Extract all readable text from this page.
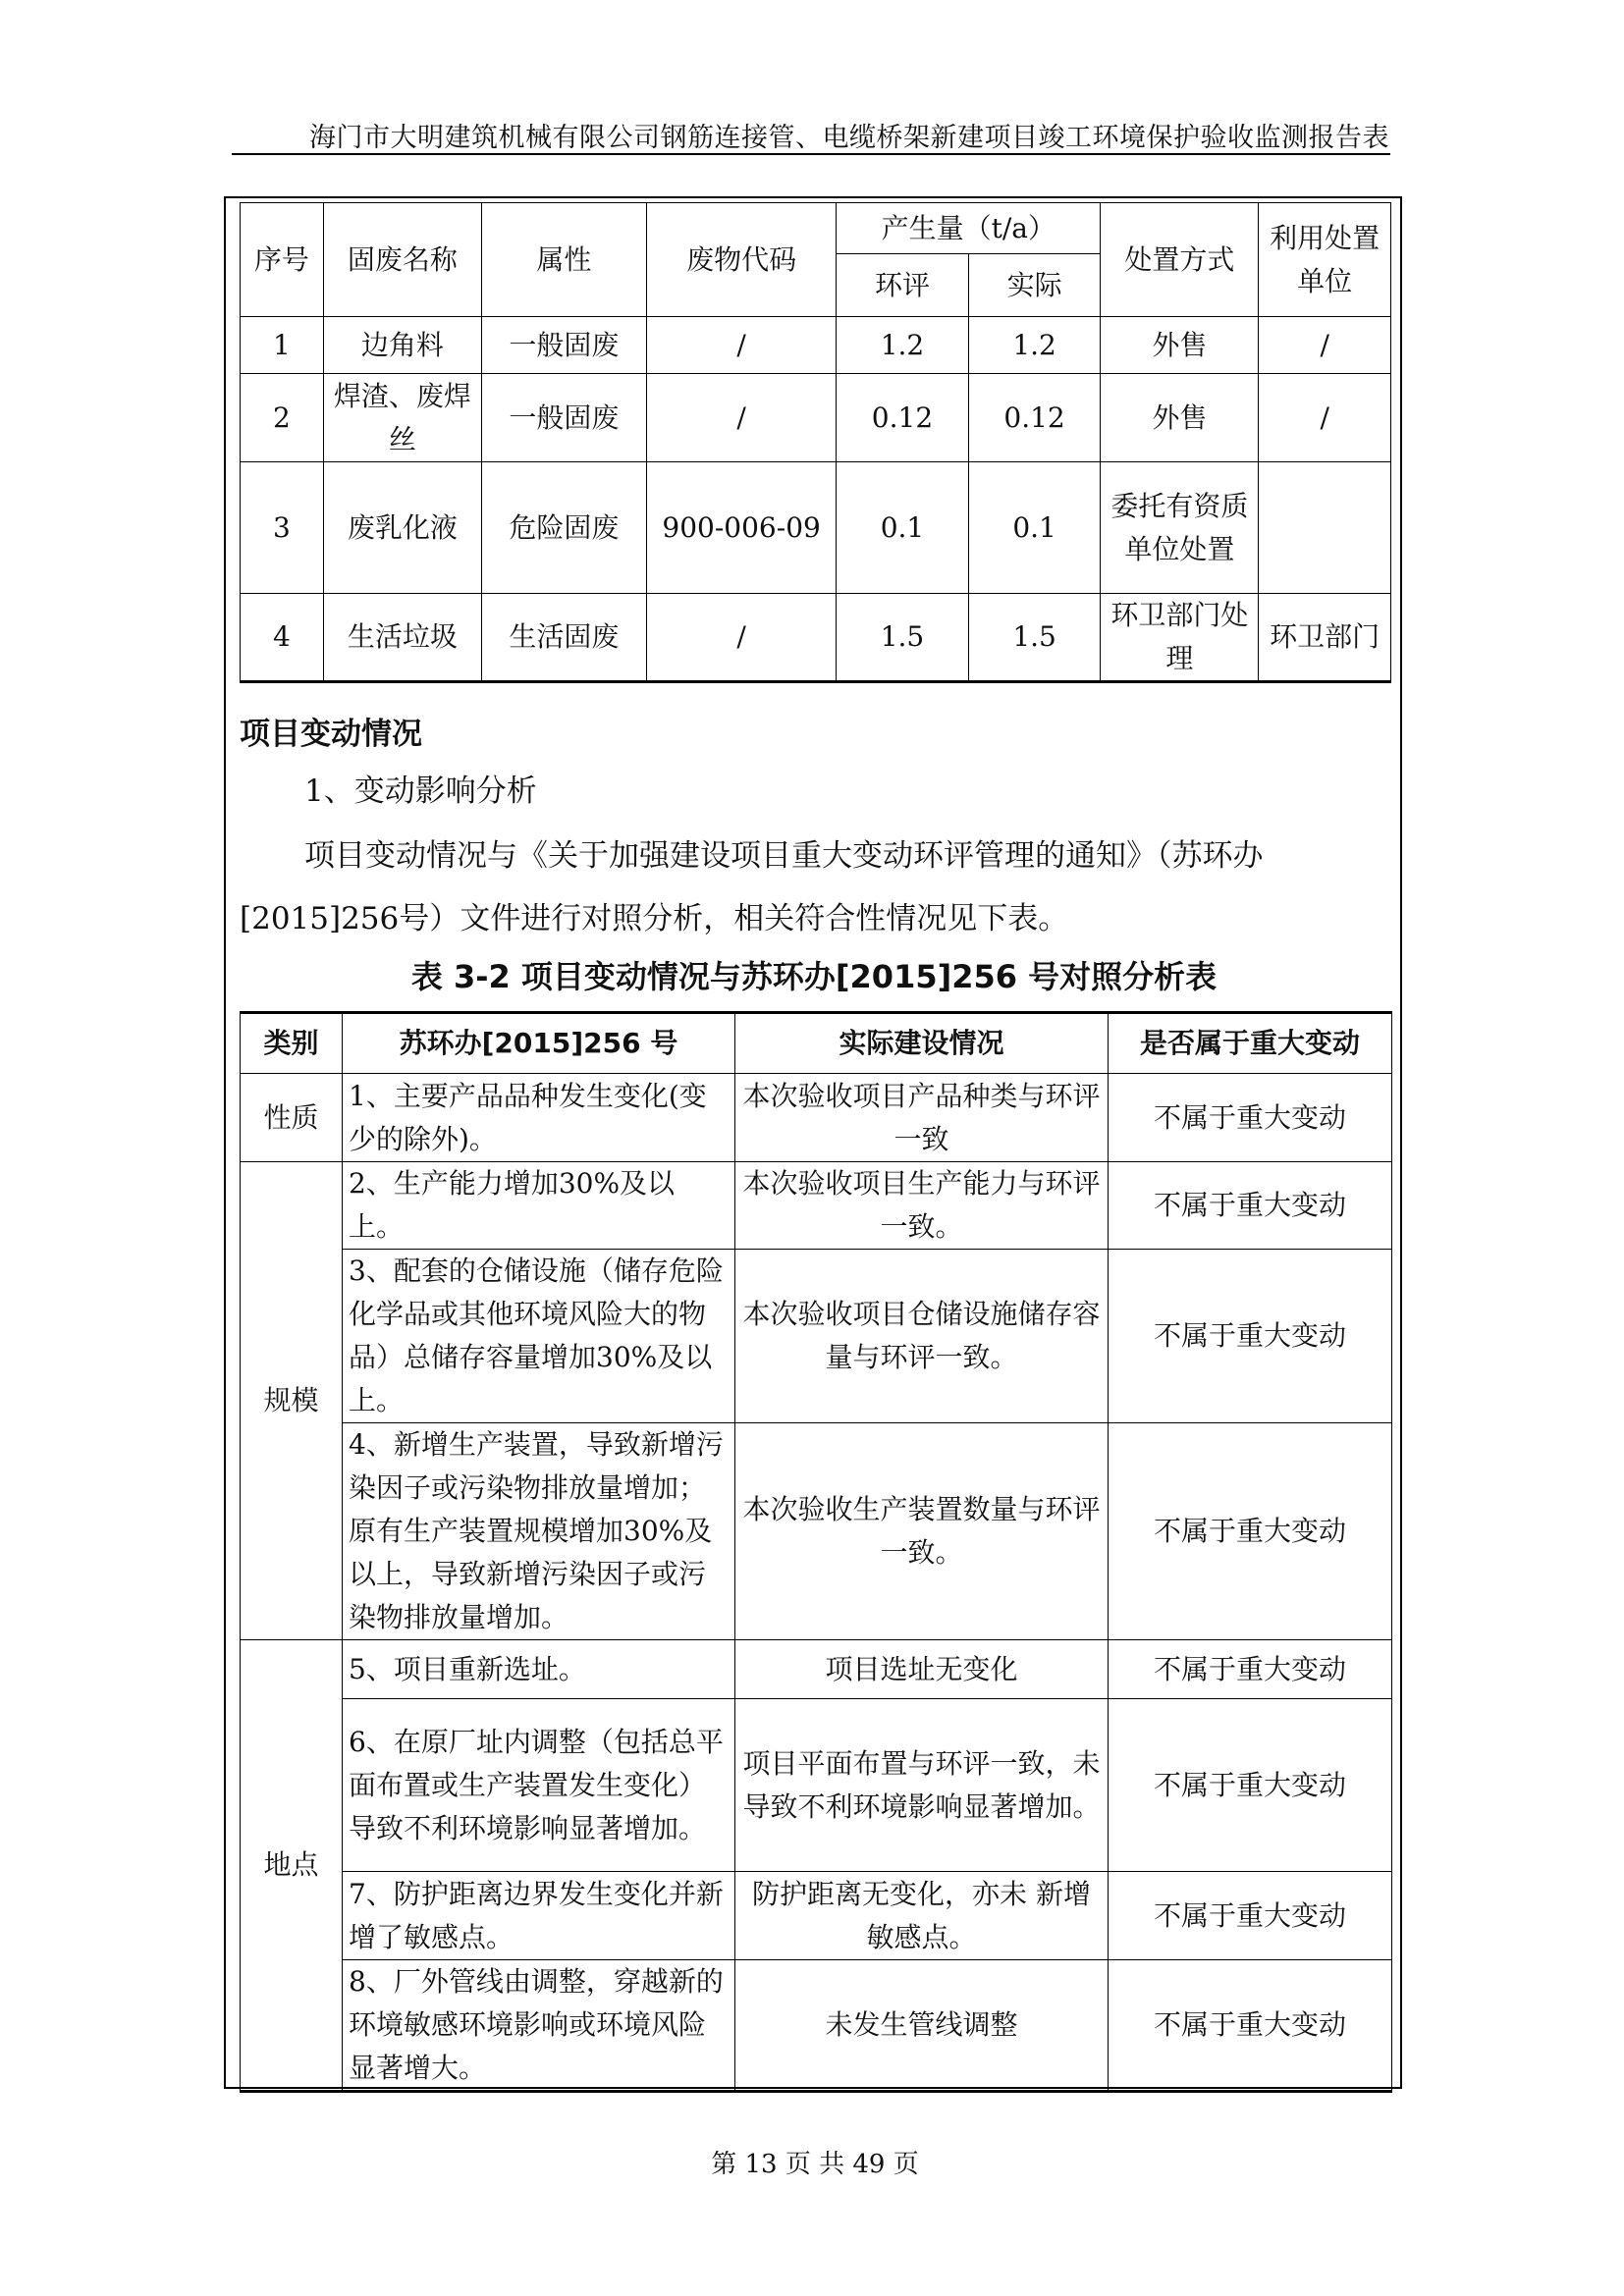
海门市大明建筑机械有限公司钢筋连接管、电缆桥架新建项目竣工环境保护验收监测报告表
序号	固废名称	属性	废物代码	产生量（t/a）		处置方式	利用处置单位
				环评	实际		
1	边角料	一般固废	/	1.2	1.2	外售	/
2	焊渣、废焊丝	一般固废	/	0.12	0.12	外售	/
3	废乳化液	危险固废	900-006-09	0.1	0.1	委托有资质单位处置	
4	生活垃圾	生活固废	/	1.5	1.5	环卫部门处理	环卫部门
项目变动情况
1、变动影响分析
项目变动情况与《关于加强建设项目重大变动环评管理的通知》（苏环办[2015]256号）文件进行对照分析，相关符合性情况见下表。
表 3-2 项目变动情况与苏环办[2015]256 号对照分析表
类别	苏环办[2015]256 号	实际建设情况	是否属于重大变动
性质	1、主要产品品种发生变化(变少的除外)。	本次验收项目产品种类与环评一致	不属于重大变动
规模	2、生产能力增加30%及以上。	本次验收项目生产能力与环评一致。	不属于重大变动
	3、配套的仓储设施（储存危险化学品或其他环境风险大的物品）总储存容量增加30%及以上。	本次验收项目仓储设施储存容量与环评一致。	不属于重大变动
	4、新增生产装置，导致新增污染因子或污染物排放量增加；原有生产装置规模增加30%及以上，导致新增污染因子或污染物排放量增加。	本次验收生产装置数量与环评一致。	不属于重大变动
地点	5、项目重新选址。	项目选址无变化	不属于重大变动
	6、在原厂址内调整（包括总平面布置或生产装置发生变化）导致不利环境影响显著增加。	项目平面布置与环评一致，未导致不利环境影响显著增加。	不属于重大变动
	7、防护距离边界发生变化并新增了敏感点。	防护距离无变化，亦未 新增敏感点。	不属于重大变动
	8、厂外管线由调整，穿越新的环境敏感环境影响或环境风险显著增大。	未发生管线调整	不属于重大变动
第 13 页 共 49 页
